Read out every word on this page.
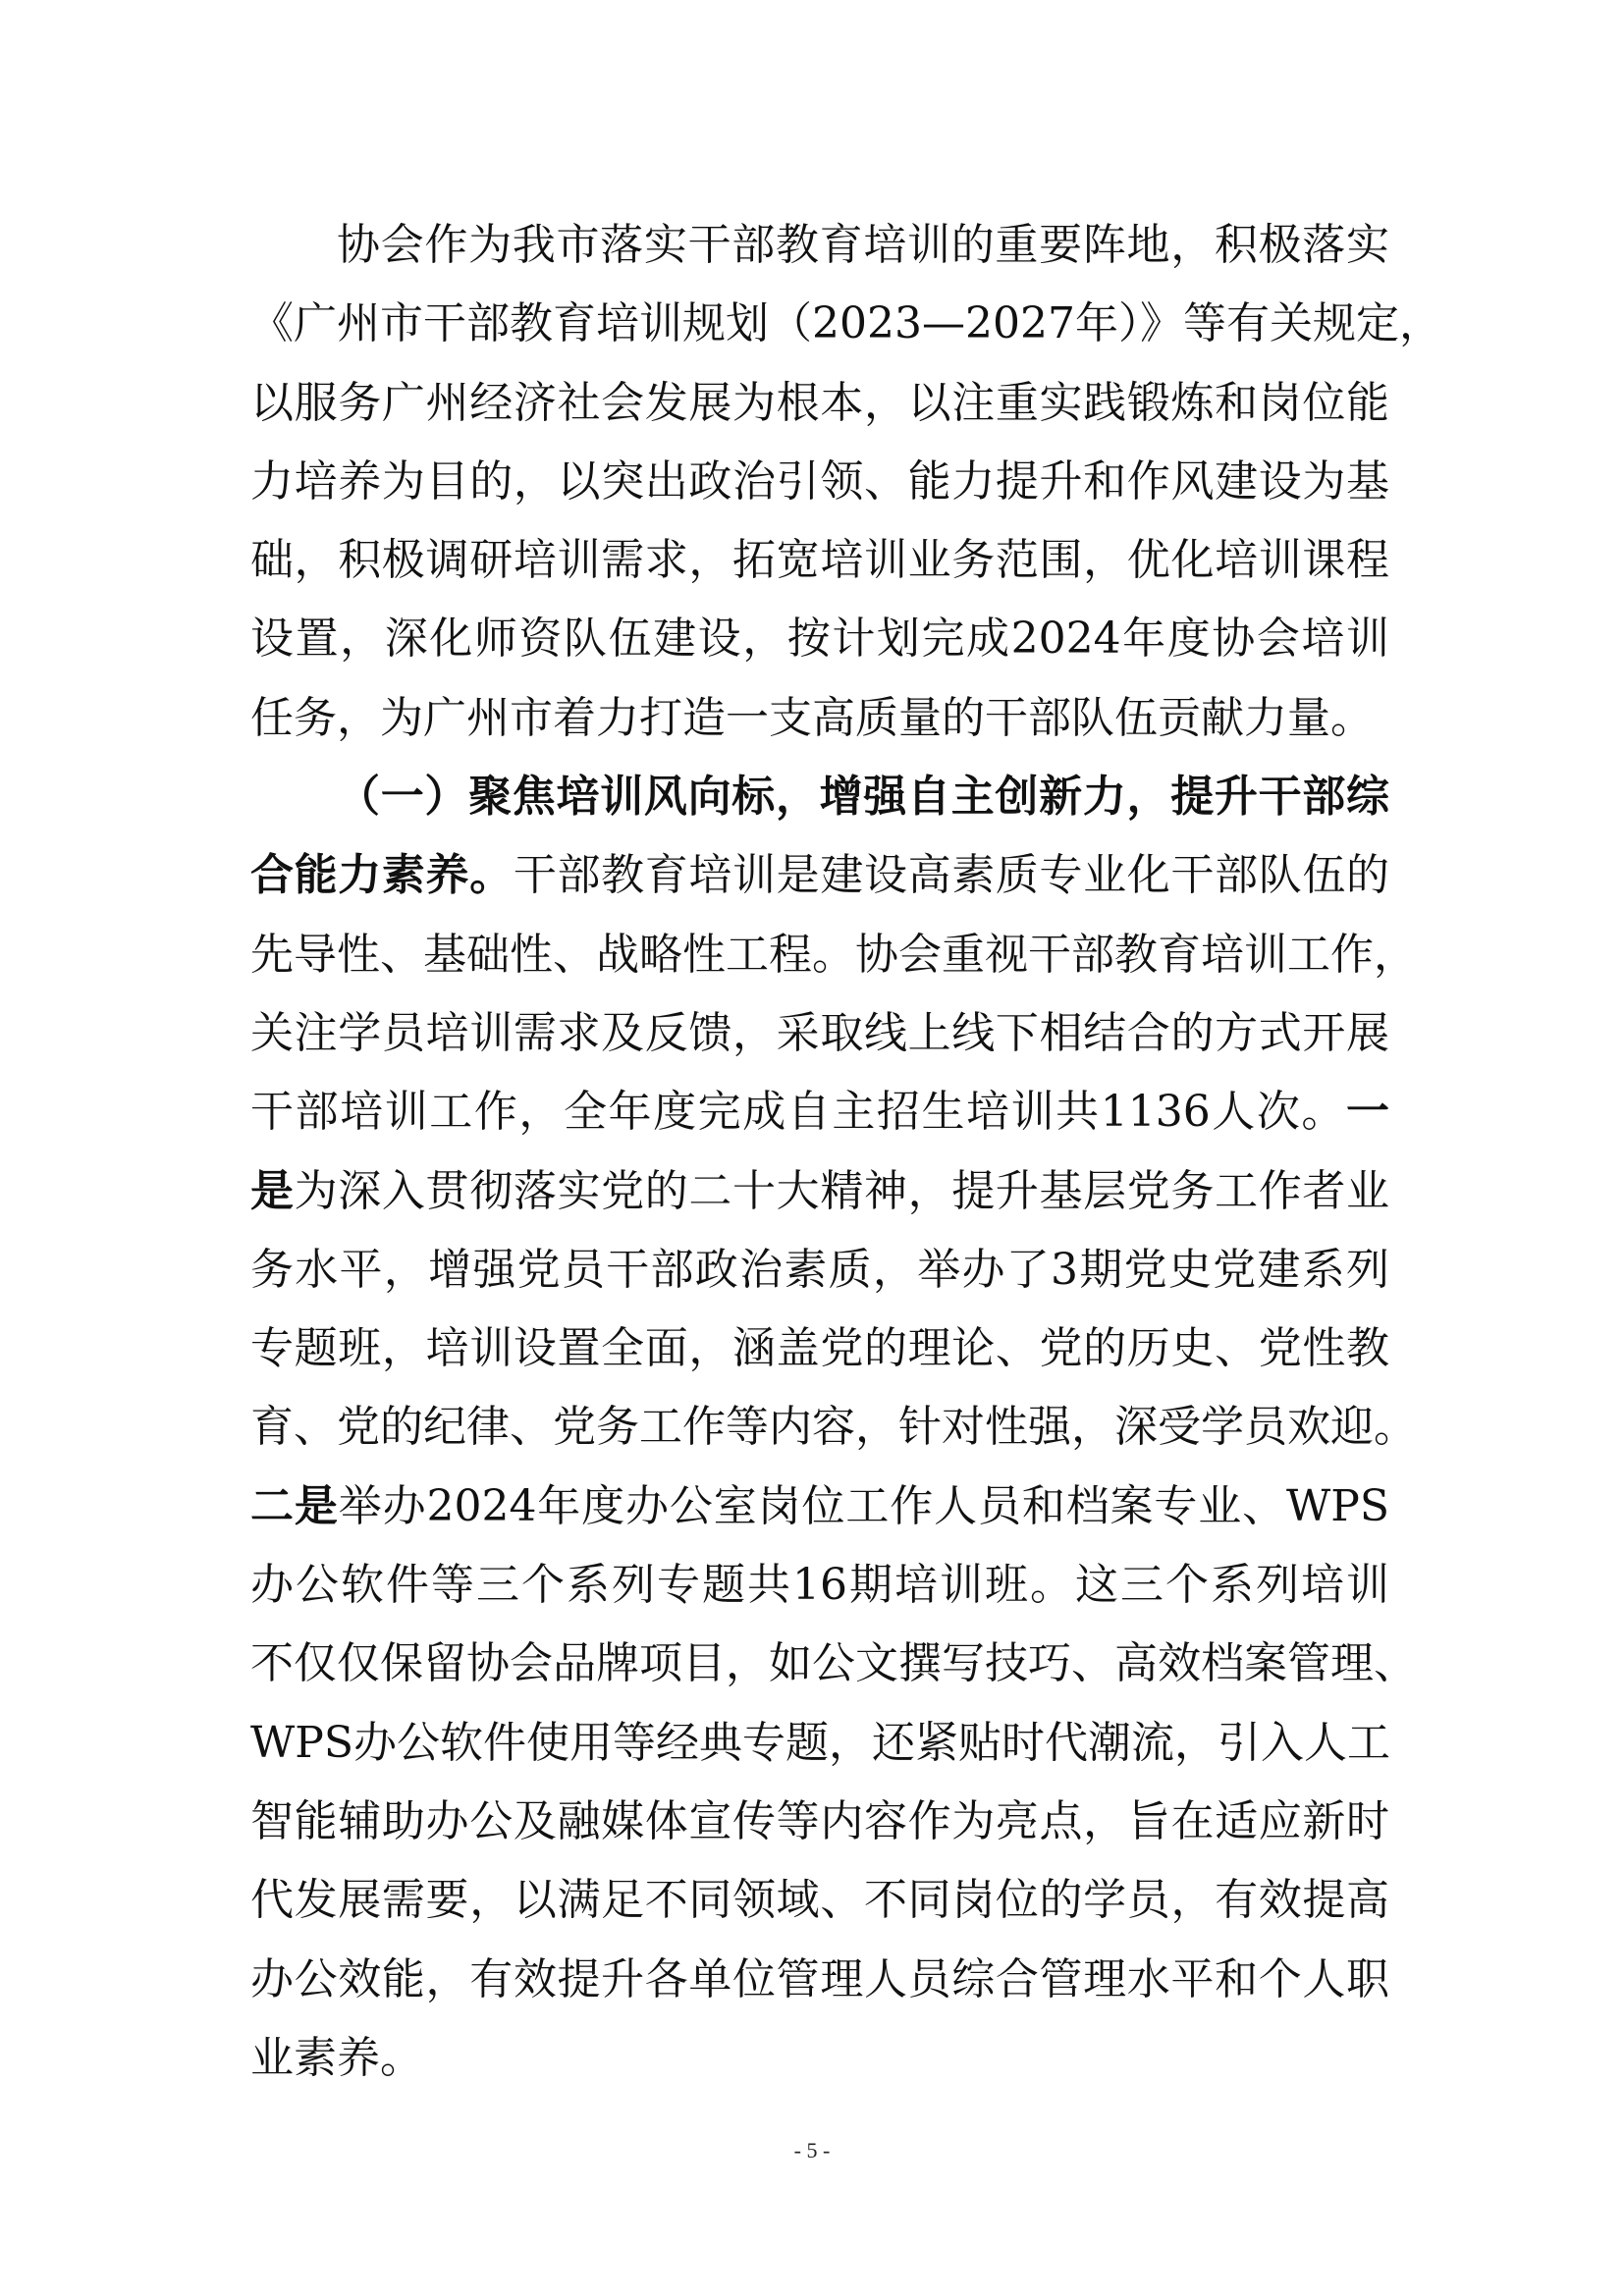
协会作为我市落实干部教育培训的重要阵地，积极落实
《广州市干部教育培训规划（2023—2027年）》等有关规定，
以服务广州经济社会发展为根本，以注重实践锻炼和岗位能
力培养为目的，以突出政治引领、能力提升和作风建设为基
础，积极调研培训需求，拓宽培训业务范围，优化培训课程
设置，深化师资队伍建设，按计划完成2024年度协会培训
任务，为广州市着力打造一支高质量的干部队伍贡献力量。
（一）聚焦培训风向标，增强自主创新力，提升干部综
合能力素养。干部教育培训是建设高素质专业化干部队伍的
先导性、基础性、战略性工程。协会重视干部教育培训工作，
关注学员培训需求及反馈，采取线上线下相结合的方式开展
干部培训工作，全年度完成自主招生培训共1136人次。一
是为深入贯彻落实党的二十大精神，提升基层党务工作者业
务水平，增强党员干部政治素质，举办了3期党史党建系列
专题班，培训设置全面，涵盖党的理论、党的历史、党性教
育、党的纪律、党务工作等内容，针对性强，深受学员欢迎。
二是举办2024年度办公室岗位工作人员和档案专业、WPS
办公软件等三个系列专题共16期培训班。这三个系列培训
不仅仅保留协会品牌项目，如公文撰写技巧、高效档案管理、
WPS办公软件使用等经典专题，还紧贴时代潮流，引入人工
智能辅助办公及融媒体宣传等内容作为亮点，旨在适应新时
代发展需要，以满足不同领域、不同岗位的学员，有效提高
办公效能，有效提升各单位管理人员综合管理水平和个人职
业素养。
- 5 -
